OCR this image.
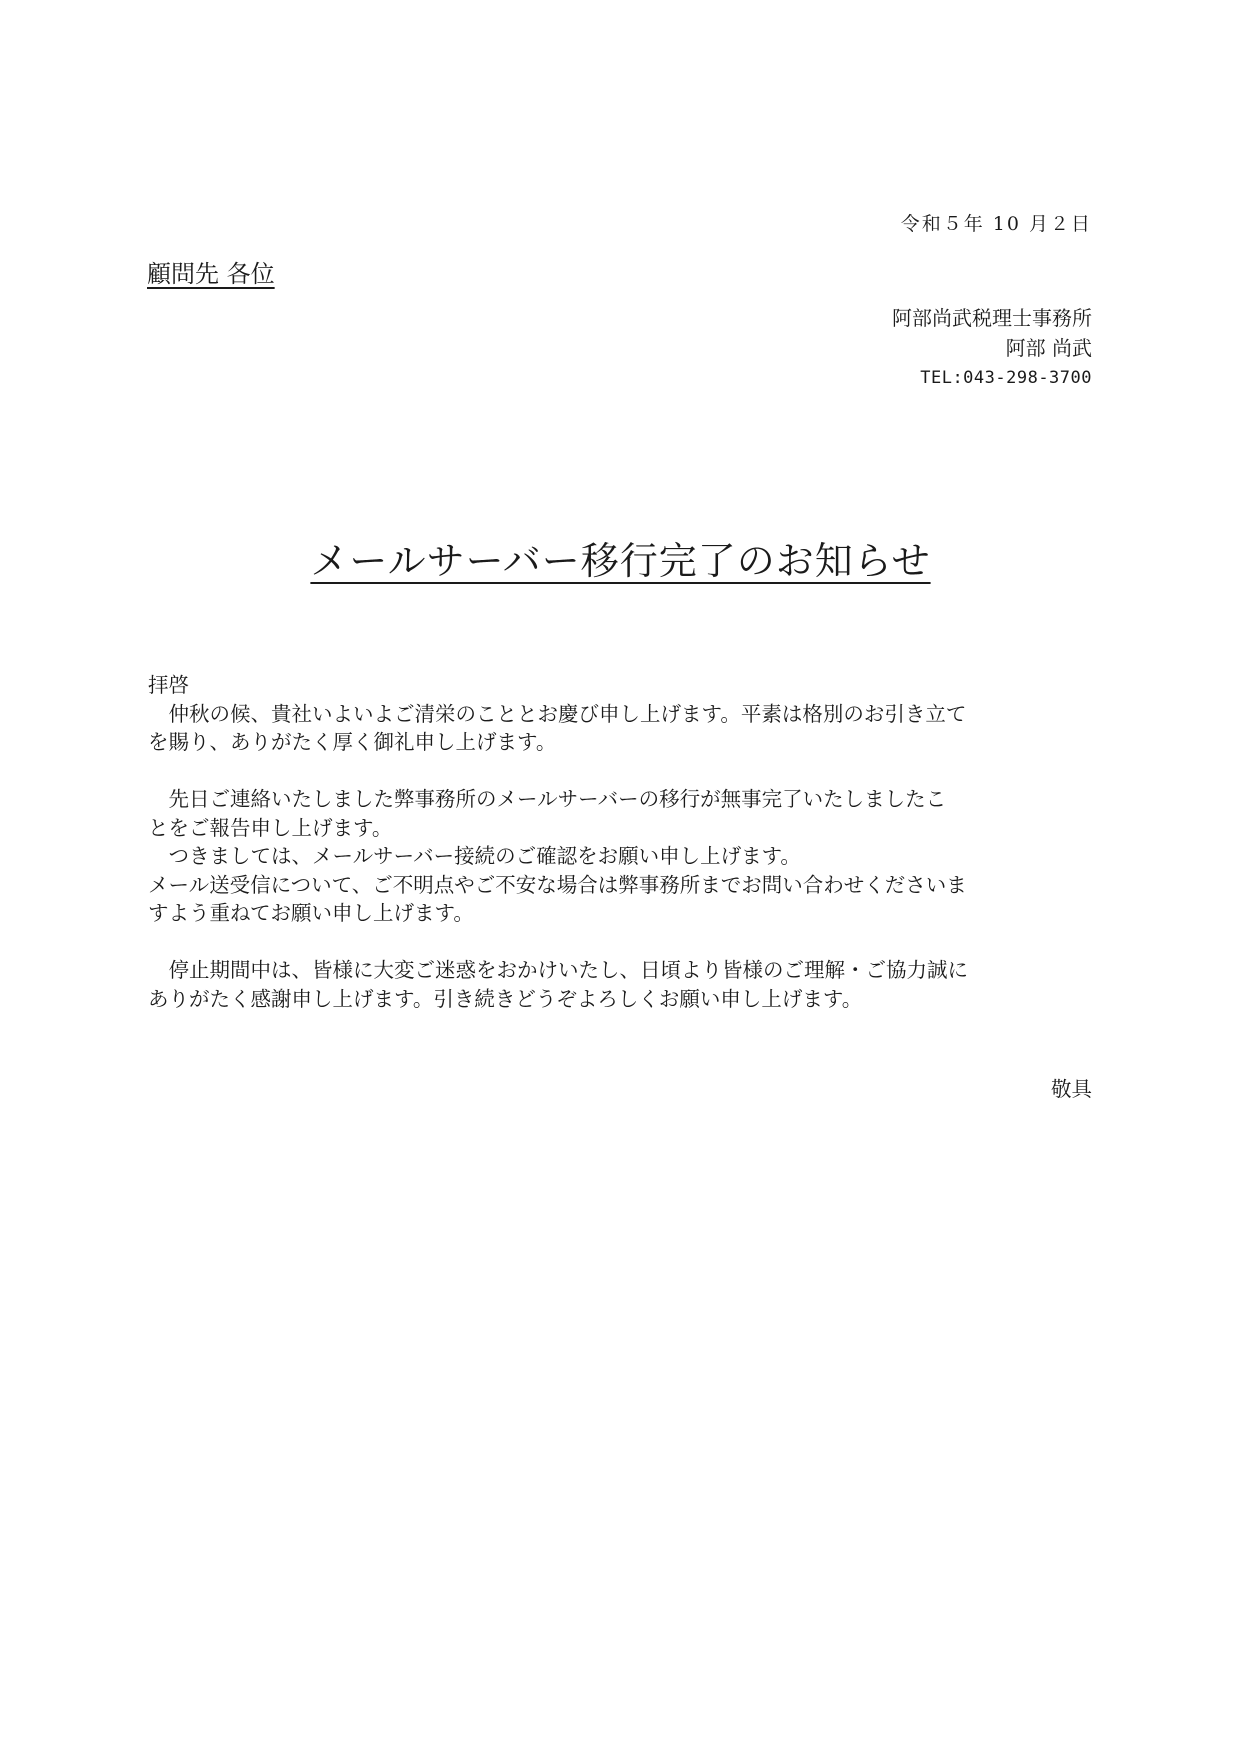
令和５年 10 月２日
顧問先 各位
阿部尚武税理士事務所
阿部 尚武
TEL:043-298-3700
メールサーバー移行完了のお知らせ

拝啓

　仲秋の候、貴社いよいよご清栄のこととお慶び申し上げます。平素は格別のお引き立て

を賜り、ありがたく厚く御礼申し上げます。

　先日ご連絡いたしました弊事務所のメールサーバーの移行が無事完了いたしましたこ

とをご報告申し上げます。

　つきましては、メールサーバー接続のご確認をお願い申し上げます。

メール送受信について、ご不明点やご不安な場合は弊事務所までお問い合わせくださいま

すよう重ねてお願い申し上げます。

　停止期間中は、皆様に大変ご迷惑をおかけいたし、日頃より皆様のご理解・ご協力誠に

ありがたく感謝申し上げます。引き続きどうぞよろしくお願い申し上げます。

敬具
